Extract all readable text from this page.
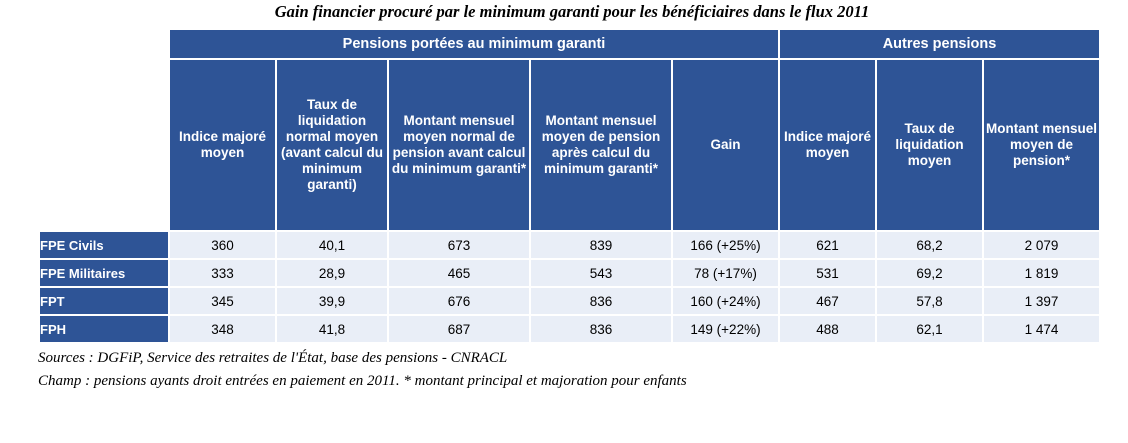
Gain financier procuré par le minimum garanti pour les bénéficiaires dans le flux 2011
	Pensions portées au minimum garanti					Autres pensions		
	Indice majoré moyen	Taux de liquidation normal moyen (avant calcul du minimum garanti)	Montant mensuel moyen normal de pension avant calcul du minimum garanti*	Montant mensuel moyen de pension après calcul du minimum garanti*	Gain	Indice majoré moyen	Taux de liquidation moyen	Montant mensuel moyen de pension*
FPE Civils	360	40,1	673	839	166 (+25%)	621	68,2	2 079
FPE Militaires	333	28,9	465	543	78 (+17%)	531	69,2	1 819
FPT	345	39,9	676	836	160 (+24%)	467	57,8	1 397
FPH	348	41,8	687	836	149 (+22%)	488	62,1	1 474
Sources : DGFiP, Service des retraites de l'État, base des pensions - CNRACL
Champ : pensions ayants droit entrées en paiement en 2011. * montant principal et majoration pour enfants
